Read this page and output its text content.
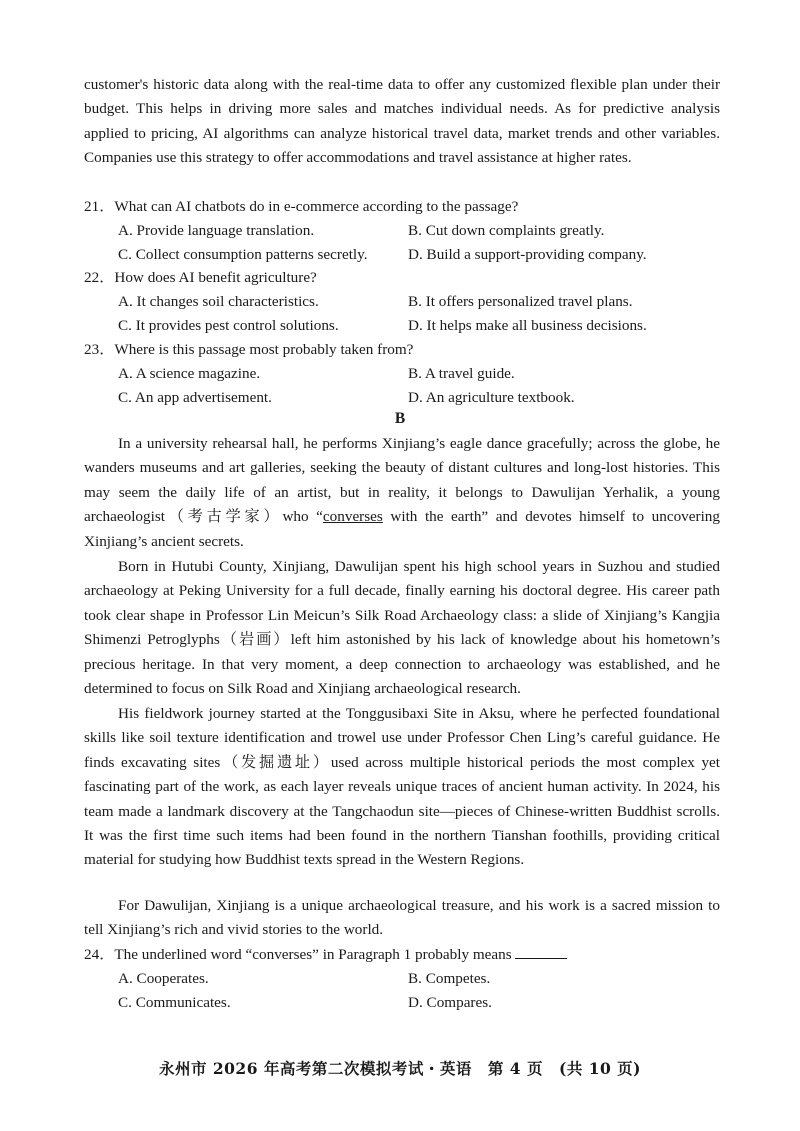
customer's historic data along with the real-time data to offer any customized flexible plan under their budget. This helps in driving more sales and matches individual needs. As for predictive analysis applied to pricing, AI algorithms can analyze historical travel data, market trends and other variables. Companies use this strategy to offer accommodations and travel assistance at higher rates.

21．What can AI chatbots do in e-commerce according to the passage?
A. Provide language translation.	B. Cut down complaints greatly.
C. Collect consumption patterns secretly.	D. Build a support-providing company.
22．How does AI benefit agriculture?
A. It changes soil characteristics.	B. It offers personalized travel plans.
C. It provides pest control solutions.	D. It helps make all business decisions.
23．Where is this passage most probably taken from?
A. A science magazine.	B. A travel guide.
C. An app advertisement.	D. An agriculture textbook.
B

In a university rehearsal hall, he performs Xinjiang’s eagle dance gracefully; across the globe, he wanders museums and art galleries, seeking the beauty of distant cultures and long-lost histories. This may seem the daily life of an artist, but in reality, it belongs to Dawulijan Yerhalik, a young archaeologist（考古学家）who “converses with the earth” and devotes himself to uncovering Xinjiang’s ancient secrets.

Born in Hutubi County, Xinjiang, Dawulijan spent his high school years in Suzhou and studied archaeology at Peking University for a full decade, finally earning his doctoral degree. His career path took clear shape in Professor Lin Meicun’s Silk Road Archaeology class: a slide of Xinjiang’s Kangjia Shimenzi Petroglyphs（岩画）left him astonished by his lack of knowledge about his hometown’s precious heritage. In that very moment, a deep connection to archaeology was established, and he determined to focus on Silk Road and Xinjiang archaeological research.

His fieldwork journey started at the Tonggusibaxi Site in Aksu, where he perfected foundational skills like soil texture identification and trowel use under Professor Chen Ling’s careful guidance. He finds excavating sites（发掘遗址）used across multiple historical periods the most complex yet fascinating part of the work, as each layer reveals unique traces of ancient human activity. In 2024, his team made a landmark discovery at the Tangchaodun site—pieces of Chinese-written Buddhist scrolls. It was the first time such items had been found in the northern Tianshan foothills, providing critical material for studying how Buddhist texts spread in the Western Regions.

For Dawulijan, Xinjiang is a unique archaeological treasure, and his work is a sacred mission to tell Xinjiang’s rich and vivid stories to the world.

24．The underlined word “converses” in Paragraph 1 probably means
A. Cooperates.	B. Competes.
C. Communicates.	D. Compares.
永州市 2026 年高考第二次模拟考试・英语　第 4 页　(共 10 页)
